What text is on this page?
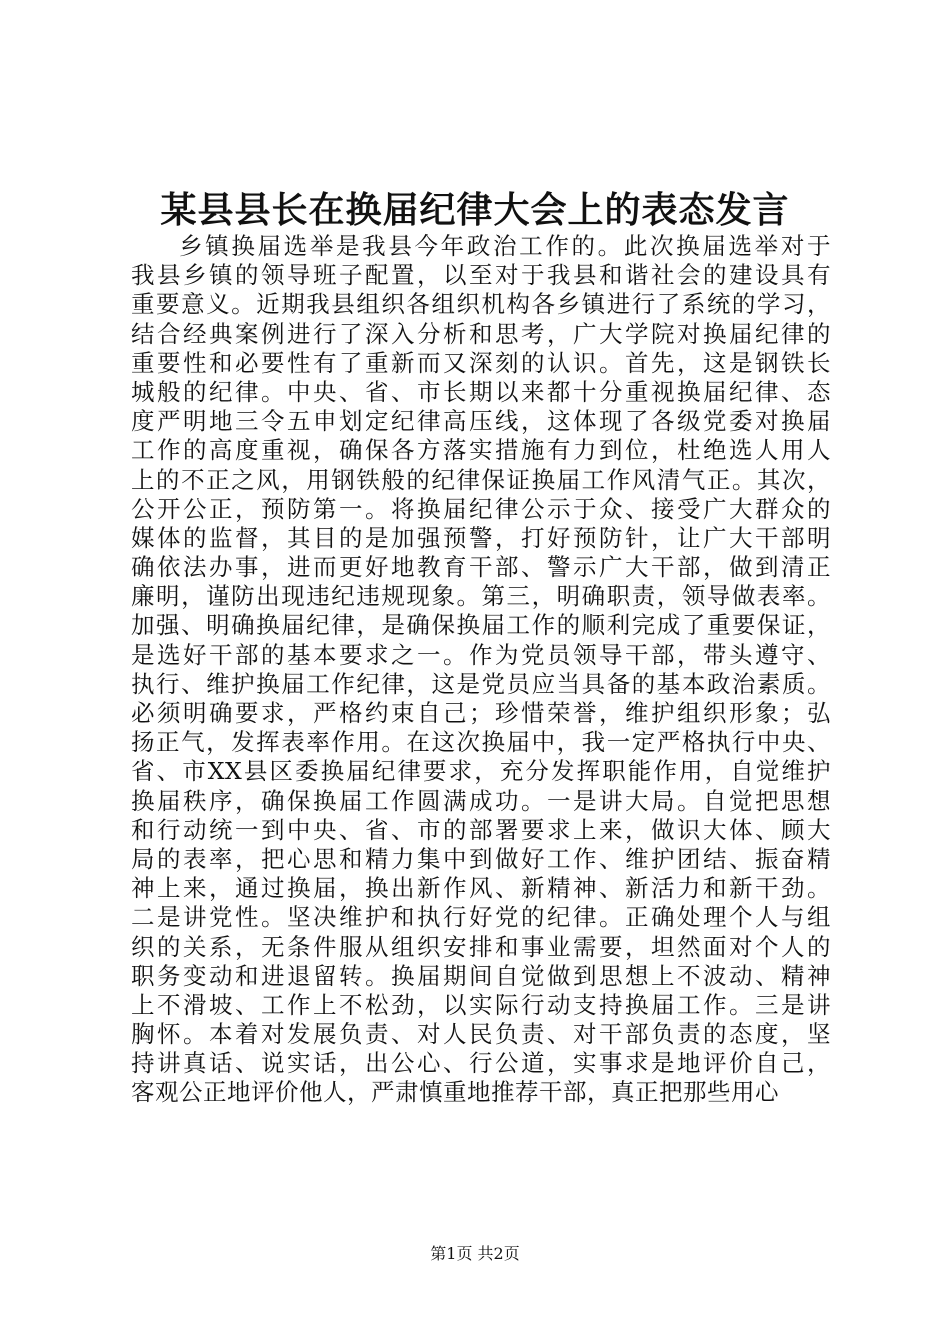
某县县长在换届纪律大会上的表态发言
乡镇换届选举是我县今年政治工作的。此次换届选举对于
我县乡镇的领导班子配置，以至对于我县和谐社会的建设具有
重要意义。近期我县组织各组织机构各乡镇进行了系统的学习，
结合经典案例进行了深入分析和思考，广大学院对换届纪律的
重要性和必要性有了重新而又深刻的认识。首先，这是钢铁长
城般的纪律。中央、省、市长期以来都十分重视换届纪律、态
度严明地三令五申划定纪律高压线，这体现了各级党委对换届
工作的高度重视，确保各方落实措施有力到位，杜绝选人用人
上的不正之风，用钢铁般的纪律保证换届工作风清气正。其次，
公开公正，预防第一。将换届纪律公示于众、接受广大群众的
媒体的监督，其目的是加强预警，打好预防针，让广大干部明
确依法办事，进而更好地教育干部、警示广大干部，做到清正
廉明，谨防出现违纪违规现象。第三，明确职责，领导做表率。
加强、明确换届纪律，是确保换届工作的顺利完成了重要保证，
是选好干部的基本要求之一。作为党员领导干部，带头遵守、
执行、维护换届工作纪律，这是党员应当具备的基本政治素质。
必须明确要求，严格约束自己；珍惜荣誉，维护组织形象；弘
扬正气，发挥表率作用。在这次换届中，我一定严格执行中央、
省、市XX县区委换届纪律要求，充分发挥职能作用，自觉维护
换届秩序，确保换届工作圆满成功。一是讲大局。自觉把思想
和行动统一到中央、省、市的部署要求上来，做识大体、顾大
局的表率，把心思和精力集中到做好工作、维护团结、振奋精
神上来，通过换届，换出新作风、新精神、新活力和新干劲。
二是讲党性。坚决维护和执行好党的纪律。正确处理个人与组
织的关系，无条件服从组织安排和事业需要，坦然面对个人的
职务变动和进退留转。换届期间自觉做到思想上不波动、精神
上不滑坡、工作上不松劲，以实际行动支持换届工作。三是讲
胸怀。本着对发展负责、对人民负责、对干部负责的态度，坚
持讲真话、说实话，出公心、行公道，实事求是地评价自己，
客观公正地评价他人，严肃慎重地推荐干部，真正把那些用心
第1页 共2页
